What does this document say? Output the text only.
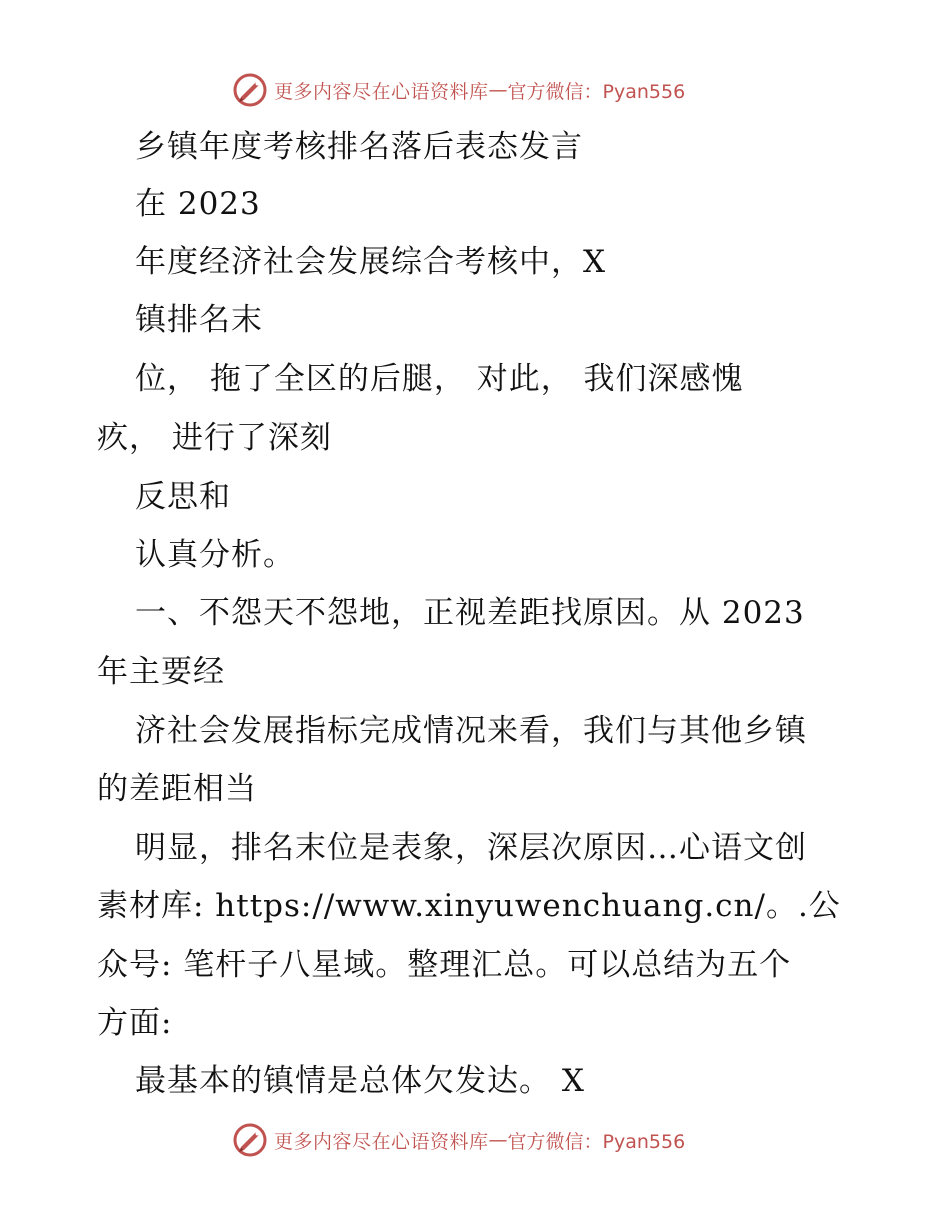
更多内容尽在心语资料库 — 官方微信：Pyan556
乡镇年度考核排名落后表态发言
在 2023
年度经济社会发展综合考核中，X
镇排名末
位， 拖了全区的后腿， 对此， 我们深感愧
疚， 进行了深刻
反思和
认真分析。
一、不怨天不怨地，正视差距找原因。从 2023
年主要经
济社会发展指标完成情况来看，我们与其他乡镇
的差距相当
明显，排名末位是表象，深层次原因…心语文创
素材库: https://www.xinyuwenchuang.cn/。.公
众号: 笔杆子八星域。整理汇总。可以总结为五个
方面:
最基本的镇情是总体欠发达。 X
更多内容尽在心语资料库 — 官方微信：Pyan556
